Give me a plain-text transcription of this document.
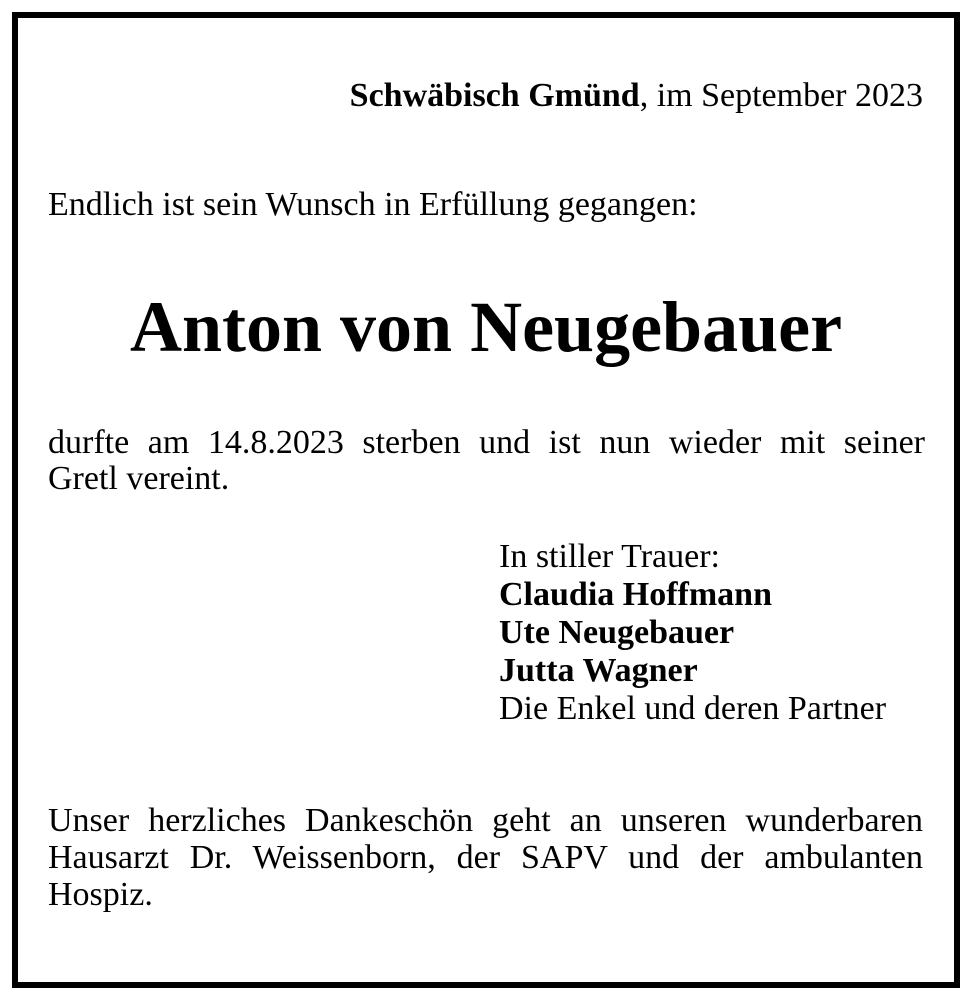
Schwäbisch Gmünd, im September 2023

Endlich ist sein Wunsch in Erfüllung gegangen:

Anton von Neugebauer

durfte am 14.8.2023 sterben und ist nun wieder mit seiner
Gretl vereint.

In stiller Trauer:
Claudia Hoffmann
Ute Neugebauer
Jutta Wagner
Die Enkel und deren Partner

Unser herzliches Dankeschön geht an unseren wunderbaren
Hausarzt Dr. Weissenborn, der SAPV und der ambulanten
Hospiz.
